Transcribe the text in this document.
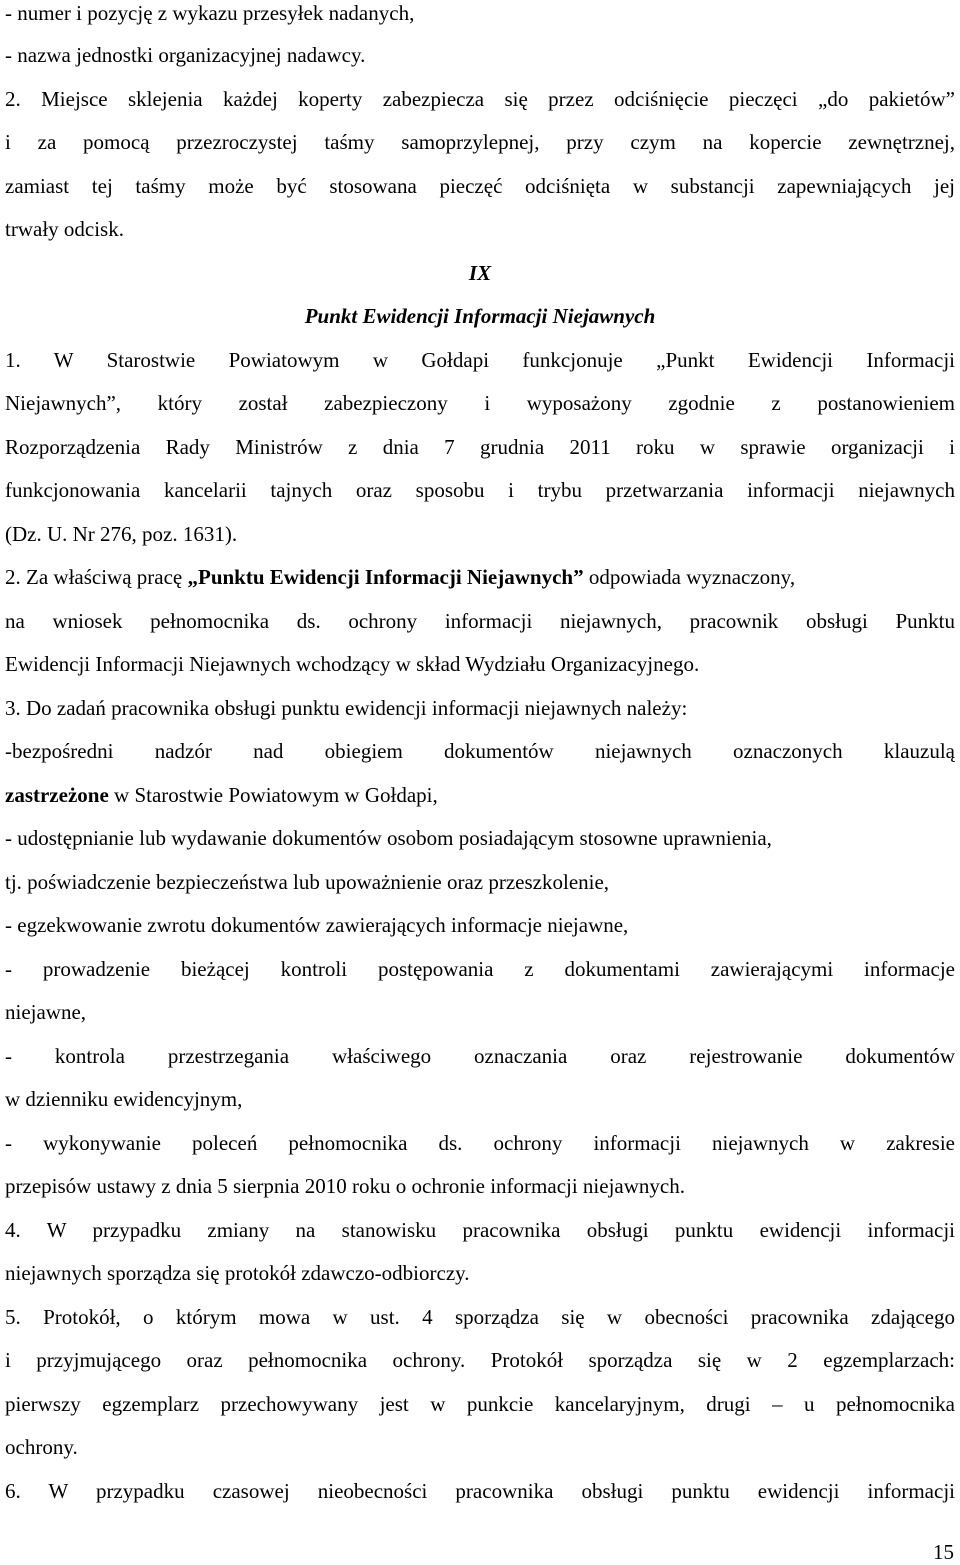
- numer i pozycję z wykazu przesyłek nadanych,
- nazwa jednostki organizacyjnej nadawcy.
2. Miejsce sklejenia każdej koperty zabezpiecza się przez odciśnięcie pieczęci „do pakietów”
i za pomocą przezroczystej taśmy samoprzylepnej, przy czym na kopercie zewnętrznej,
zamiast tej taśmy może być stosowana pieczęć odciśnięta w substancji zapewniających jej
trwały odcisk.
IX
Punkt Ewidencji Informacji Niejawnych
1. W Starostwie Powiatowym w Gołdapi funkcjonuje „Punkt Ewidencji Informacji
Niejawnych”, który został zabezpieczony i wyposażony zgodnie z postanowieniem
Rozporządzenia Rady Ministrów z dnia 7 grudnia 2011 roku w sprawie organizacji i
funkcjonowania kancelarii tajnych oraz sposobu i trybu przetwarzania informacji niejawnych
(Dz. U. Nr 276, poz. 1631).
2. Za właściwą pracę „Punktu Ewidencji Informacji Niejawnych” odpowiada wyznaczony,
na wniosek pełnomocnika ds. ochrony informacji niejawnych, pracownik obsługi Punktu
Ewidencji Informacji Niejawnych wchodzący w skład Wydziału Organizacyjnego.
3. Do zadań pracownika obsługi punktu ewidencji informacji niejawnych należy:
-bezpośredni nadzór nad obiegiem dokumentów niejawnych oznaczonych klauzulą
zastrzeżone w Starostwie Powiatowym w Gołdapi,
- udostępnianie lub wydawanie dokumentów osobom posiadającym stosowne uprawnienia,
tj. poświadczenie bezpieczeństwa lub upoważnienie oraz przeszkolenie,
- egzekwowanie zwrotu dokumentów zawierających informacje niejawne,
- prowadzenie bieżącej kontroli postępowania z dokumentami zawierającymi informacje
niejawne,
- kontrola przestrzegania właściwego oznaczania oraz rejestrowanie dokumentów
w dzienniku ewidencyjnym,
- wykonywanie poleceń pełnomocnika ds. ochrony informacji niejawnych w zakresie
przepisów ustawy z dnia 5 sierpnia 2010 roku o ochronie informacji niejawnych.
4. W przypadku zmiany na stanowisku pracownika obsługi punktu ewidencji informacji
niejawnych sporządza się protokół zdawczo-odbiorczy.
5. Protokół, o którym mowa w ust. 4 sporządza się w obecności pracownika zdającego
i przyjmującego oraz pełnomocnika ochrony. Protokół sporządza się w 2 egzemplarzach:
pierwszy egzemplarz przechowywany jest w punkcie kancelaryjnym, drugi – u pełnomocnika
ochrony.
6. W przypadku czasowej nieobecności pracownika obsługi punktu ewidencji informacji
15
